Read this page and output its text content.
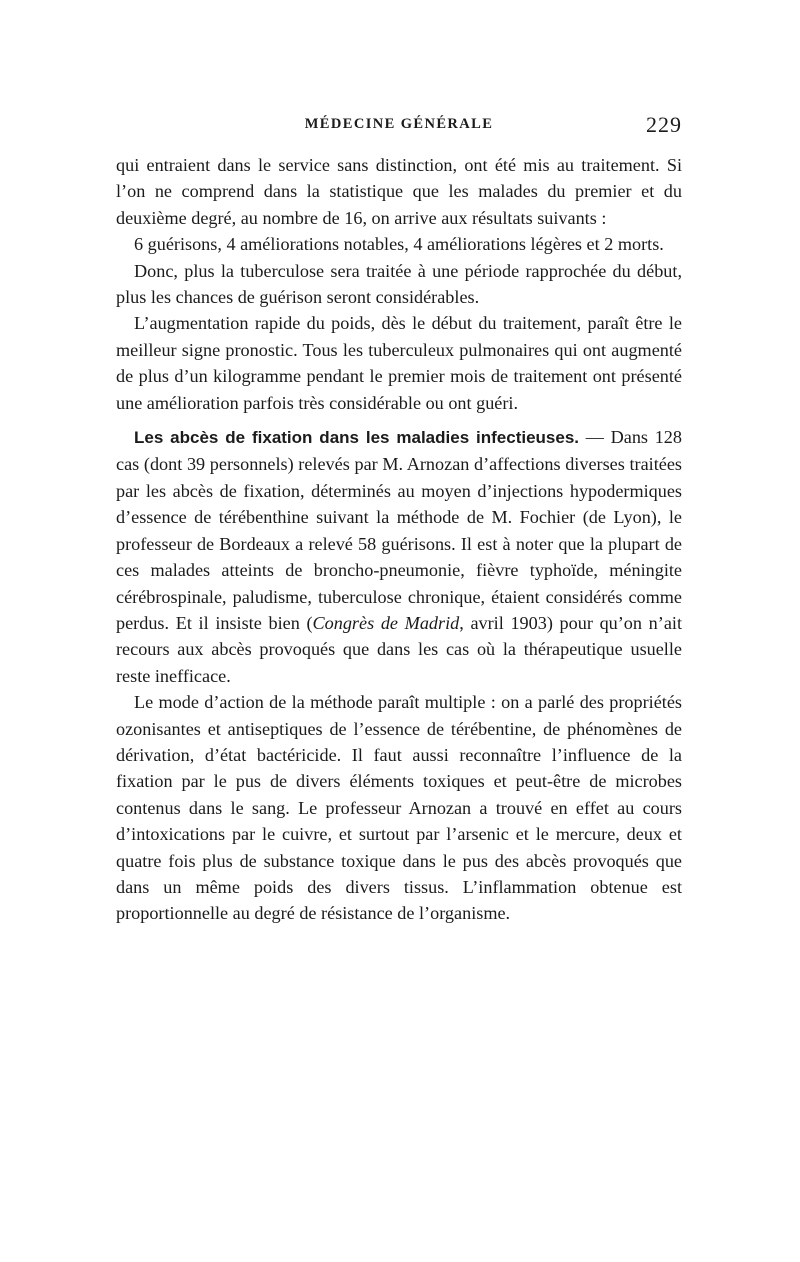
MÉDECINE GÉNÉRALE	229

qui entraient dans le service sans distinction, ont été mis au traitement. Si l’on ne comprend dans la statistique que les malades du premier et du deuxième degré, au nombre de 16, on arrive aux résultats suivants :

6 guérisons, 4 améliorations notables, 4 améliorations légères et 2 morts.

Donc, plus la tuberculose sera traitée à une période rapprochée du début, plus les chances de guérison seront considérables.

L’augmentation rapide du poids, dès le début du traitement, paraît être le meilleur signe pronostic. Tous les tuberculeux pulmonaires qui ont augmenté de plus d’un kilogramme pendant le premier mois de traitement ont présenté une amélioration parfois très considérable ou ont guéri.

Les abcès de fixation dans les maladies infectieuses. — Dans 128 cas (dont 39 personnels) relevés par M. Arnozan d’affections diverses traitées par les abcès de fixation, déterminés au moyen d’injections hypodermiques d’essence de térébenthine suivant la méthode de M. Fochier (de Lyon), le professeur de Bordeaux a relevé 58 guérisons. Il est à noter que la plupart de ces malades atteints de broncho-pneumonie, fièvre typhoïde, méningite cérébrospinale, paludisme, tuberculose chronique, étaient considérés comme perdus. Et il insiste bien (Congrès de Madrid, avril 1903) pour qu’on n’ait recours aux abcès provoqués que dans les cas où la thérapeutique usuelle reste inefficace.

Le mode d’action de la méthode paraît multiple : on a parlé des propriétés ozonisantes et antiseptiques de l’essence de térébentine, de phénomènes de dérivation, d’état bactéricide. Il faut aussi reconnaître l’influence de la fixation par le pus de divers éléments toxiques et peut-être de microbes contenus dans le sang. Le professeur Arnozan a trouvé en effet au cours d’intoxications par le cuivre, et surtout par l’arsenic et le mercure, deux et quatre fois plus de substance toxique dans le pus des abcès provoqués que dans un même poids des divers tissus. L’inflammation obtenue est proportionnelle au degré de résistance de l’organisme.
